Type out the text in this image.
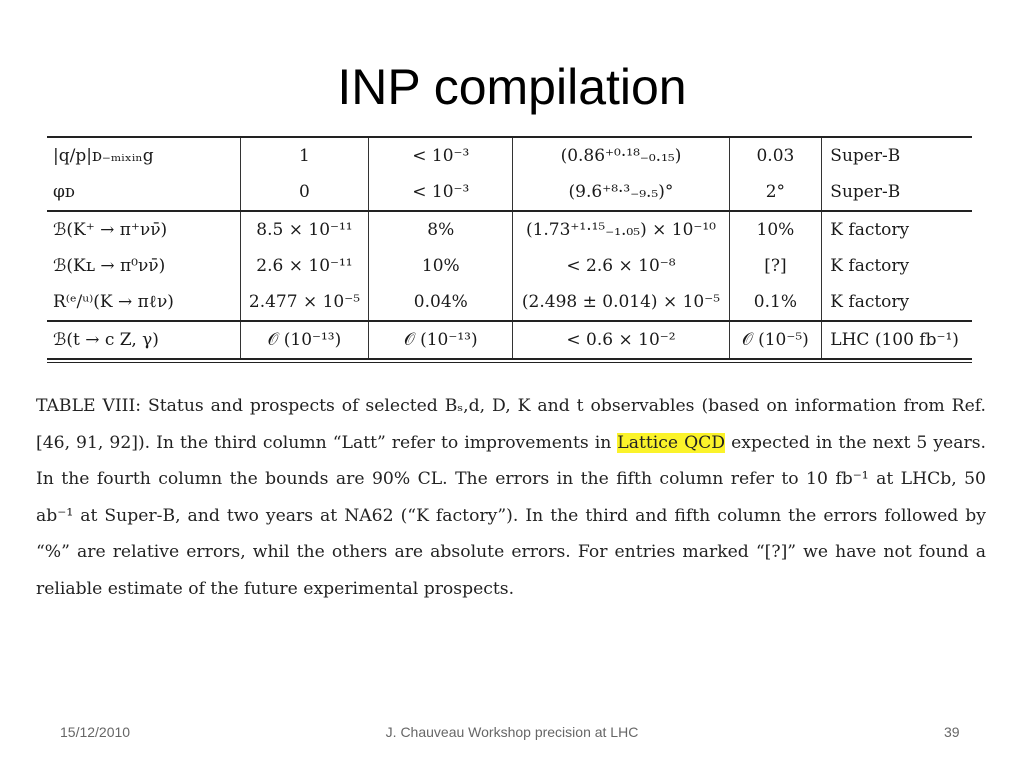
INP compilation
|q/p|ᴅ₋ₘᵢₓᵢₙg	1	< 10⁻³	(0.86⁺⁰·¹⁸₋₀.₁₅)	0.03	Super-B
φᴅ	0	< 10⁻³	(9.6⁺⁸·³₋₉.₅)°	2°	Super-B
ℬ(K⁺ → π⁺νν̄)	8.5 × 10⁻¹¹	8%	(1.73⁺¹·¹⁵₋₁.₀₅) × 10⁻¹⁰	10%	K factory
ℬ(Kʟ → π⁰νν̄)	2.6 × 10⁻¹¹	10%	< 2.6 × 10⁻⁸	[?]	K factory
R⁽ᵉ/ᵘ⁾(K → πℓν)	2.477 × 10⁻⁵	0.04%	(2.498 ± 0.014) × 10⁻⁵	0.1%	K factory
ℬ(t → c Z, γ)	𝒪 (10⁻¹³)	𝒪 (10⁻¹³)	< 0.6 × 10⁻²	𝒪 (10⁻⁵)	LHC (100 fb⁻¹)
TABLE VIII: Status and prospects of selected Bₛ,d, D, K and t observables (based on information from Ref. [46, 91, 92]). In the third column “Latt” refer to improvements in Lattice QCD expected in the next 5 years. In the fourth column the bounds are 90% CL. The errors in the fifth column refer to 10 fb⁻¹ at LHCb, 50 ab⁻¹ at Super-B, and two years at NA62 (“K factory”). In the third and fifth column the errors followed by “%” are relative errors, whil the others are absolute errors. For entries marked “[?]” we have not found a reliable estimate of the future experimental prospects.
15/12/2010	J. Chauveau Workshop precision at LHC	39
